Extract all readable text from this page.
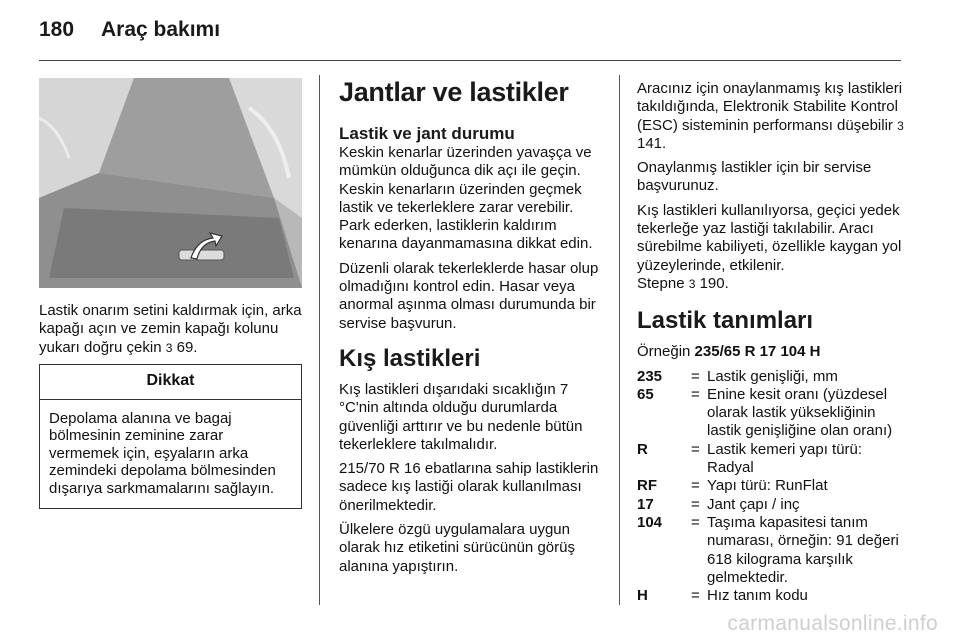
180 Araç bakımı

Lastik onarım setini kaldırmak için, arka kapağı açın ve zemin kapağı kolunu yukarı doğru çekin 3 69.

Dikkat
Depolama alanına ve bagaj bölmesinin zeminine zarar vermemek için, eşyaların arka zemindeki depolama bölmesinden dışarıya sarkmamalarını sağlayın.
Jantlar ve lastikler
Lastik ve jant durumu

Keskin kenarlar üzerinden yavaşça ve mümkün olduğunca dik açı ile geçin. Keskin kenarların üzerinden geçmek lastik ve tekerleklere zarar verebilir. Park ederken, lastiklerin kaldırım kenarına dayanmamasına dikkat edin.

Düzenli olarak tekerleklerde hasar olup olmadığını kontrol edin. Hasar veya anormal aşınma olması durumunda bir servise başvurun.

Kış lastikleri

Kış lastikleri dışarıdaki sıcaklığın 7 °C'nin altında olduğu durumlarda güvenliği arttırır ve bu nedenle bütün tekerleklere takılmalıdır.

215/70 R 16 ebatlarına sahip lastiklerin sadece kış lastiği olarak kullanılması önerilmektedir.

Ülkelere özgü uygulamalara uygun olarak hız etiketini sürücünün görüş alanına yapıştırın.

Aracınız için onaylanmamış kış lastikleri takıldığında, Elektronik Stabilite Kontrol (ESC) sisteminin performansı düşebilir 3 141.

Onaylanmış lastikler için bir servise başvurunuz.

Kış lastikleri kullanılıyorsa, geçici yedek tekerleğe yaz lastiği takılabilir. Aracı sürebilme kabiliyeti, özellikle kaygan yol yüzeylerinde, etkilenir.
Stepne 3 190.

Lastik tanımları

Örneğin 235/65 R 17 104 H

235	= Lastik genişliği, mm
65	= Enine kesit oranı (yüzdesel olarak lastik yüksekliğinin lastik genişliğine olan oranı)
R	= Lastik kemeri yapı türü: Radyal
RF	= Yapı türü: RunFlat
17	= Jant çapı / inç
104	= Taşıma kapasitesi tanım numarası, örneğin: 91 değeri 618 kilograma karşılık gelmektedir.
H	= Hız tanım kodu
carmanualsonline.info
